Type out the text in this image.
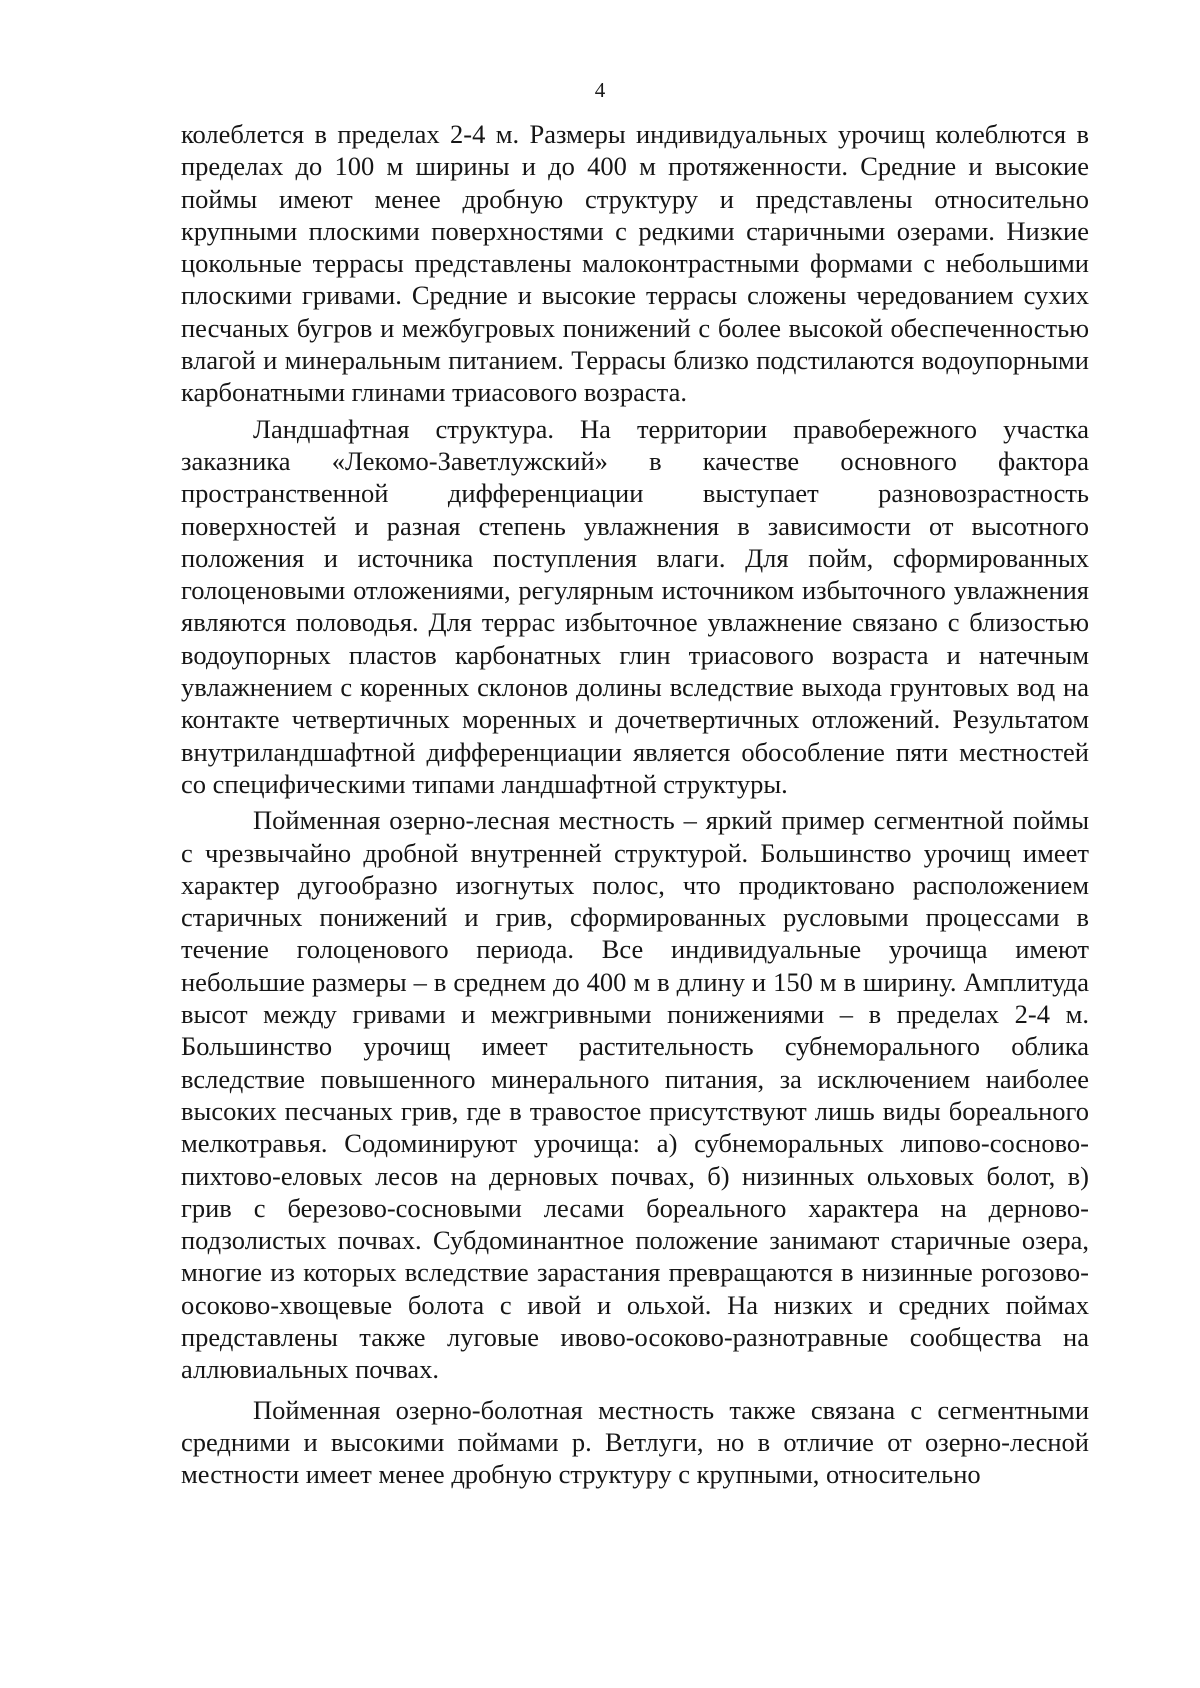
4

колеблется в пределах 2-4 м. Размеры индивидуальных урочищ колеблются в пределах до 100 м ширины и до 400 м протяженности. Средние и высокие поймы имеют менее дробную структуру и представлены относительно крупными плоскими поверхностями с редкими старичными озерами. Низкие цокольные террасы представлены малоконтрастными формами с небольшими плоскими гривами. Средние и высокие террасы сложены чередованием сухих песчаных бугров и межбугровых понижений с более высокой обеспеченностью влагой и минеральным питанием. Террасы близко подстилаются водоупорными карбонатными глинами триасового возраста.

Ландшафтная структура. На территории правобережного участка заказника «Лекомо-Заветлужский» в качестве основного фактора пространственной дифференциации выступает разновозрастность поверхностей и разная степень увлажнения в зависимости от высотного положения и источника поступления влаги. Для пойм, сформированных голоценовыми отложениями, регулярным источником избыточного увлажнения являются половодья. Для террас избыточное увлажнение связано с близостью водоупорных пластов карбонатных глин триасового возраста и натечным увлажнением с коренных склонов долины вследствие выхода грунтовых вод на контакте четвертичных моренных и дочетвертичных отложений. Результатом внутриландшафтной дифференциации является обособление пяти местностей со специфическими типами ландшафтной структуры.

Пойменная озерно-лесная местность – яркий пример сегментной поймы с чрезвычайно дробной внутренней структурой. Большинство урочищ имеет характер дугообразно изогнутых полос, что продиктовано расположением старичных понижений и грив, сформированных русловыми процессами в течение голоценового периода. Все индивидуальные урочища имеют небольшие размеры – в среднем до 400 м в длину и 150 м в ширину. Амплитуда высот между гривами и межгривными понижениями – в пределах 2-4 м. Большинство урочищ имеет растительность субнеморального облика вследствие повышенного минерального питания, за исключением наиболее высоких песчаных грив, где в травостое присутствуют лишь виды бореального мелкотравья. Содоминируют урочища: а) субнеморальных липово-сосново-пихтово-еловых лесов на дерновых почвах, б) низинных ольховых болот, в) грив с березово-сосновыми лесами бореального характера на дерново-подзолистых почвах. Субдоминантное положение занимают старичные озера, многие из которых вследствие зарастания превращаются в низинные рогозово-осоково-хвощевые болота с ивой и ольхой. На низких и средних поймах представлены также луговые ивово-осоково-разнотравные сообщества на аллювиальных почвах.

Пойменная озерно-болотная местность также связана с сегментными средними и высокими поймами р. Ветлуги, но в отличие от озерно-лесной местности имеет менее дробную структуру с крупными, относительно
